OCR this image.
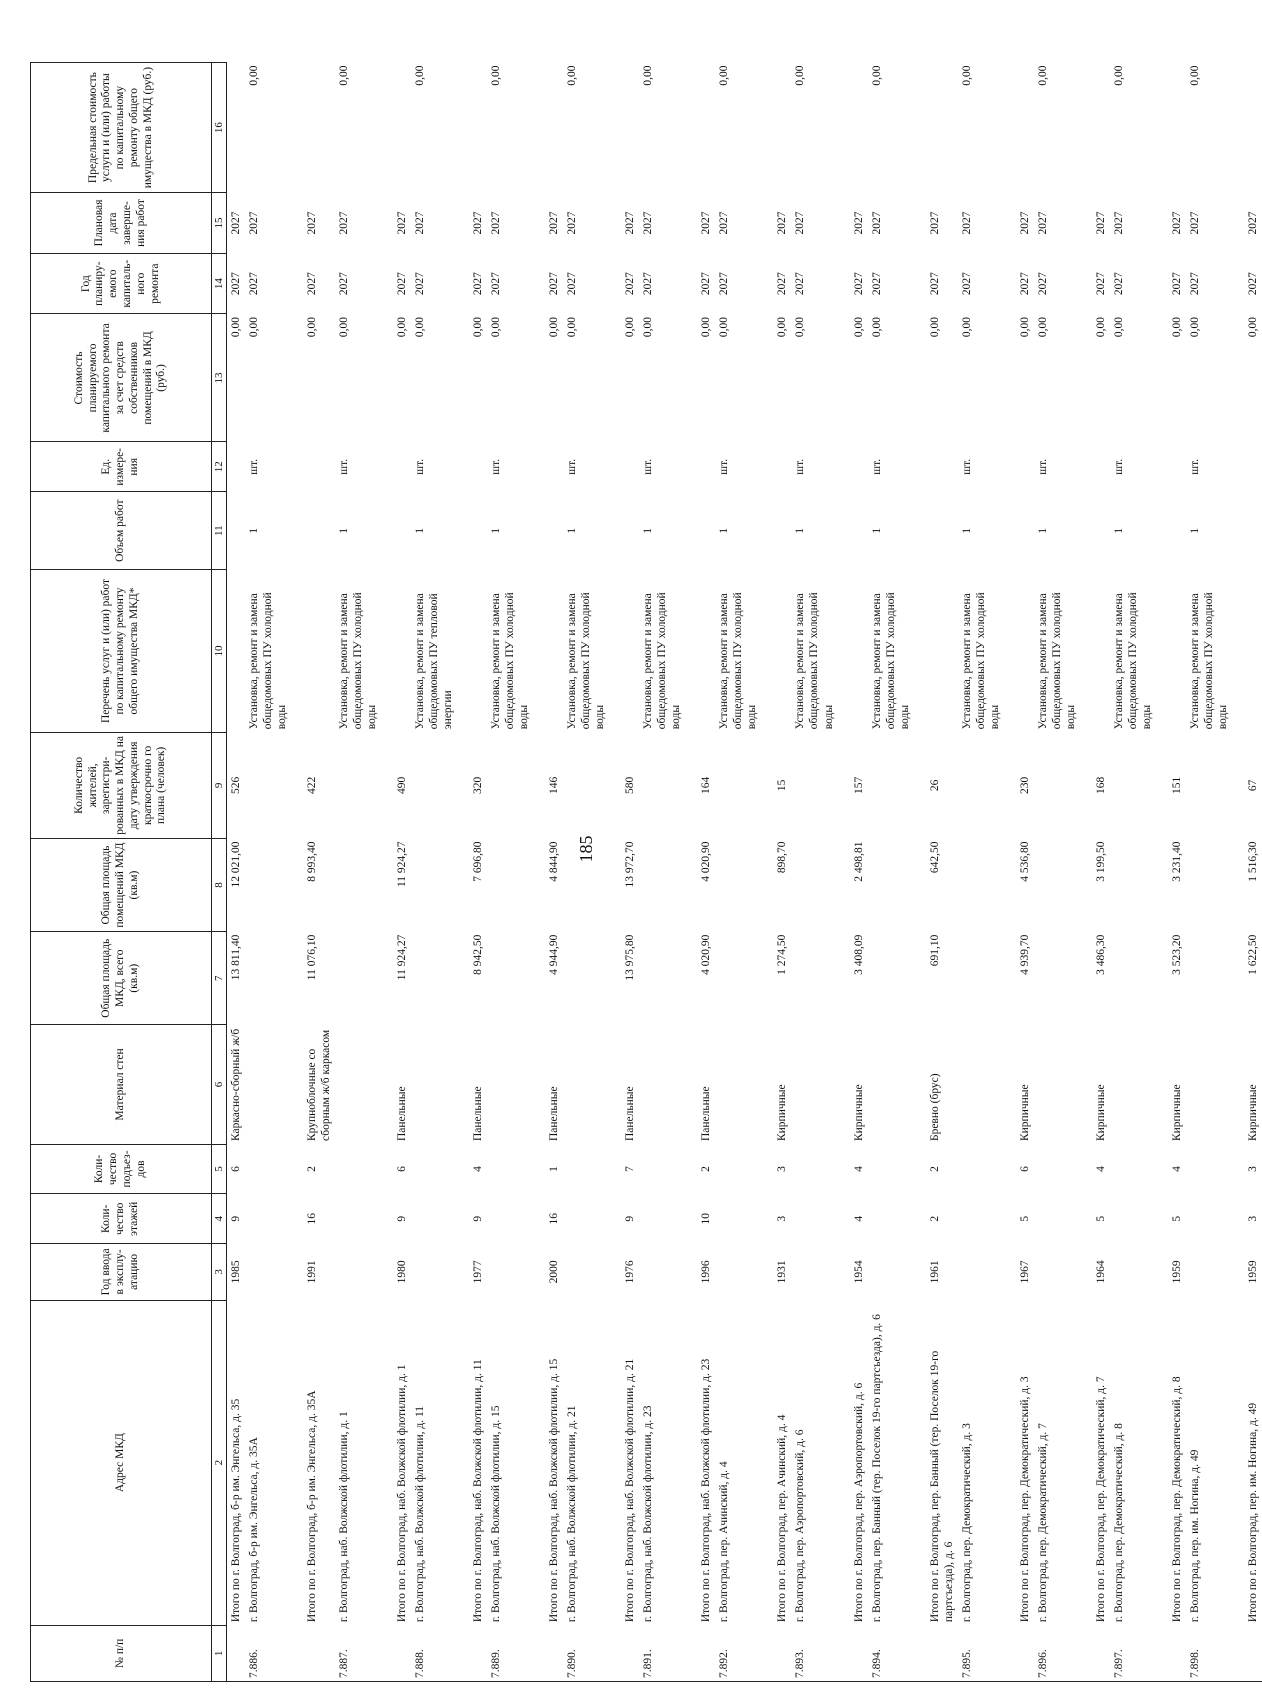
185
№ п/п	Адрес МКД	Год ввода в эксплу-атацию	Коли-чество этажей	Коли-чество подъез-дов	Материал стен	Общая площадь МКД, всего (кв.м)	Общая площадь помещений МКД (кв.м)	Количество жителей, зарегистри-рованных в МКД на дату утверждения краткосрочно го плана (человек)	Перечень услуг и (или) работ по капитальному ремонту общего имущества МКД*	Объем работ	Ед. измере-ния	Стоимость планируемого капитального ремонта за счет средств собственников помещений в МКД (руб.)	Год планиру-емого капиталь-ного ремонта	Плановая дата заверше-ния работ	Предельная стоимость услуги и (или) работы по капитальному ремонту общего имущества в МКД (руб.)
1	2	3	4	5	6	7	8	9	10	11	12	13	14	15	16
	Итого по г. Волгоград, б-р им. Энгельса, д. 35	1985	9	6	Каркасно-сборный ж/б	13 811,40	12 021,00	526				0,00	2027	2027	
7.886.	г. Волгоград, б-р им. Энгельса, д. 35А								Установка, ремонт и замена общедомовых ПУ холодной воды	1	шт.	0,00	2027	2027	0,00
	Итого по г. Волгоград, б-р им. Энгельса, д. 35А	1991	16	2	Крупноблочные со сборным ж/б каркасом	11 076,10	8 993,40	422				0,00	2027	2027	
7.887.	г. Волгоград, наб. Волжской флотилии, д. 1								Установка, ремонт и замена общедомовых ПУ холодной воды	1	шт.	0,00	2027	2027	0,00
	Итого по г. Волгоград, наб. Волжской флотилии, д. 1	1980	9	6	Панельные	11 924,27	11 924,27	490				0,00	2027	2027	
7.888.	г. Волгоград, наб. Волжской флотилии, д. 11								Установка, ремонт и замена общедомовых ПУ тепловой энергии	1	шт.	0,00	2027	2027	0,00
	Итого по г. Волгоград, наб. Волжской флотилии, д. 11	1977	9	4	Панельные	8 942,50	7 696,80	320				0,00	2027	2027	
7.889.	г. Волгоград, наб. Волжской флотилии, д. 15								Установка, ремонт и замена общедомовых ПУ холодной воды	1	шт.	0,00	2027	2027	0,00
	Итого по г. Волгоград, наб. Волжской флотилии, д. 15	2000	16	1	Панельные	4 944,90	4 844,90	146				0,00	2027	2027	
7.890.	г. Волгоград, наб. Волжской флотилии, д. 21								Установка, ремонт и замена общедомовых ПУ холодной воды	1	шт.	0,00	2027	2027	0,00
	Итого по г. Волгоград, наб. Волжской флотилии, д. 21	1976	9	7	Панельные	13 975,80	13 972,70	580				0,00	2027	2027	
7.891.	г. Волгоград, наб. Волжской флотилии, д. 23								Установка, ремонт и замена общедомовых ПУ холодной воды	1	шт.	0,00	2027	2027	0,00
	Итого по г. Волгоград, наб. Волжской флотилии, д. 23	1996	10	2	Панельные	4 020,90	4 020,90	164				0,00	2027	2027	
7.892.	г. Волгоград, пер. Ачинский, д. 4								Установка, ремонт и замена общедомовых ПУ холодной воды	1	шт.	0,00	2027	2027	0,00
	Итого по г. Волгоград, пер. Ачинский, д. 4	1931	3	3	Кирпичные	1 274,50	898,70	15				0,00	2027	2027	
7.893.	г. Волгоград, пер. Аэропортовский, д. 6								Установка, ремонт и замена общедомовых ПУ холодной воды	1	шт.	0,00	2027	2027	0,00
	Итого по г. Волгоград, пер. Аэропортовский, д. 6	1954	4	4	Кирпичные	3 408,09	2 498,81	157				0,00	2027	2027	
7.894.	г. Волгоград, пер. Банный (тер. Поселок 19-го партсъезда), д. 6								Установка, ремонт и замена общедомовых ПУ холодной воды	1	шт.	0,00	2027	2027	0,00
	Итого по г. Волгоград, пер. Банный (тер. Поселок 19-го партсъезда), д. 6	1961	2	2	Бревно (брус)	691,10	642,50	26				0,00	2027	2027	
7.895.	г. Волгоград, пер. Демократический, д. 3								Установка, ремонт и замена общедомовых ПУ холодной воды	1	шт.	0,00	2027	2027	0,00
	Итого по г. Волгоград, пер. Демократический, д. 3	1967	5	6	Кирпичные	4 939,70	4 536,80	230				0,00	2027	2027	
7.896.	г. Волгоград, пер. Демократический, д. 7								Установка, ремонт и замена общедомовых ПУ холодной воды	1	шт.	0,00	2027	2027	0,00
	Итого по г. Волгоград, пер. Демократический, д. 7	1964	5	4	Кирпичные	3 486,30	3 199,50	168				0,00	2027	2027	
7.897.	г. Волгоград, пер. Демократический, д. 8								Установка, ремонт и замена общедомовых ПУ холодной воды	1	шт.	0,00	2027	2027	0,00
	Итого по г. Волгоград, пер. Демократический, д. 8	1959	5	4	Кирпичные	3 523,20	3 231,40	151				0,00	2027	2027	
7.898.	г. Волгоград, пер. им. Ногина, д. 49								Установка, ремонт и замена общедомовых ПУ холодной воды	1	шт.	0,00	2027	2027	0,00
	Итого по г. Волгоград, пер. им. Ногина, д. 49	1959	3	3	Кирпичные	1 622,50	1 516,30	67				0,00	2027	2027	
